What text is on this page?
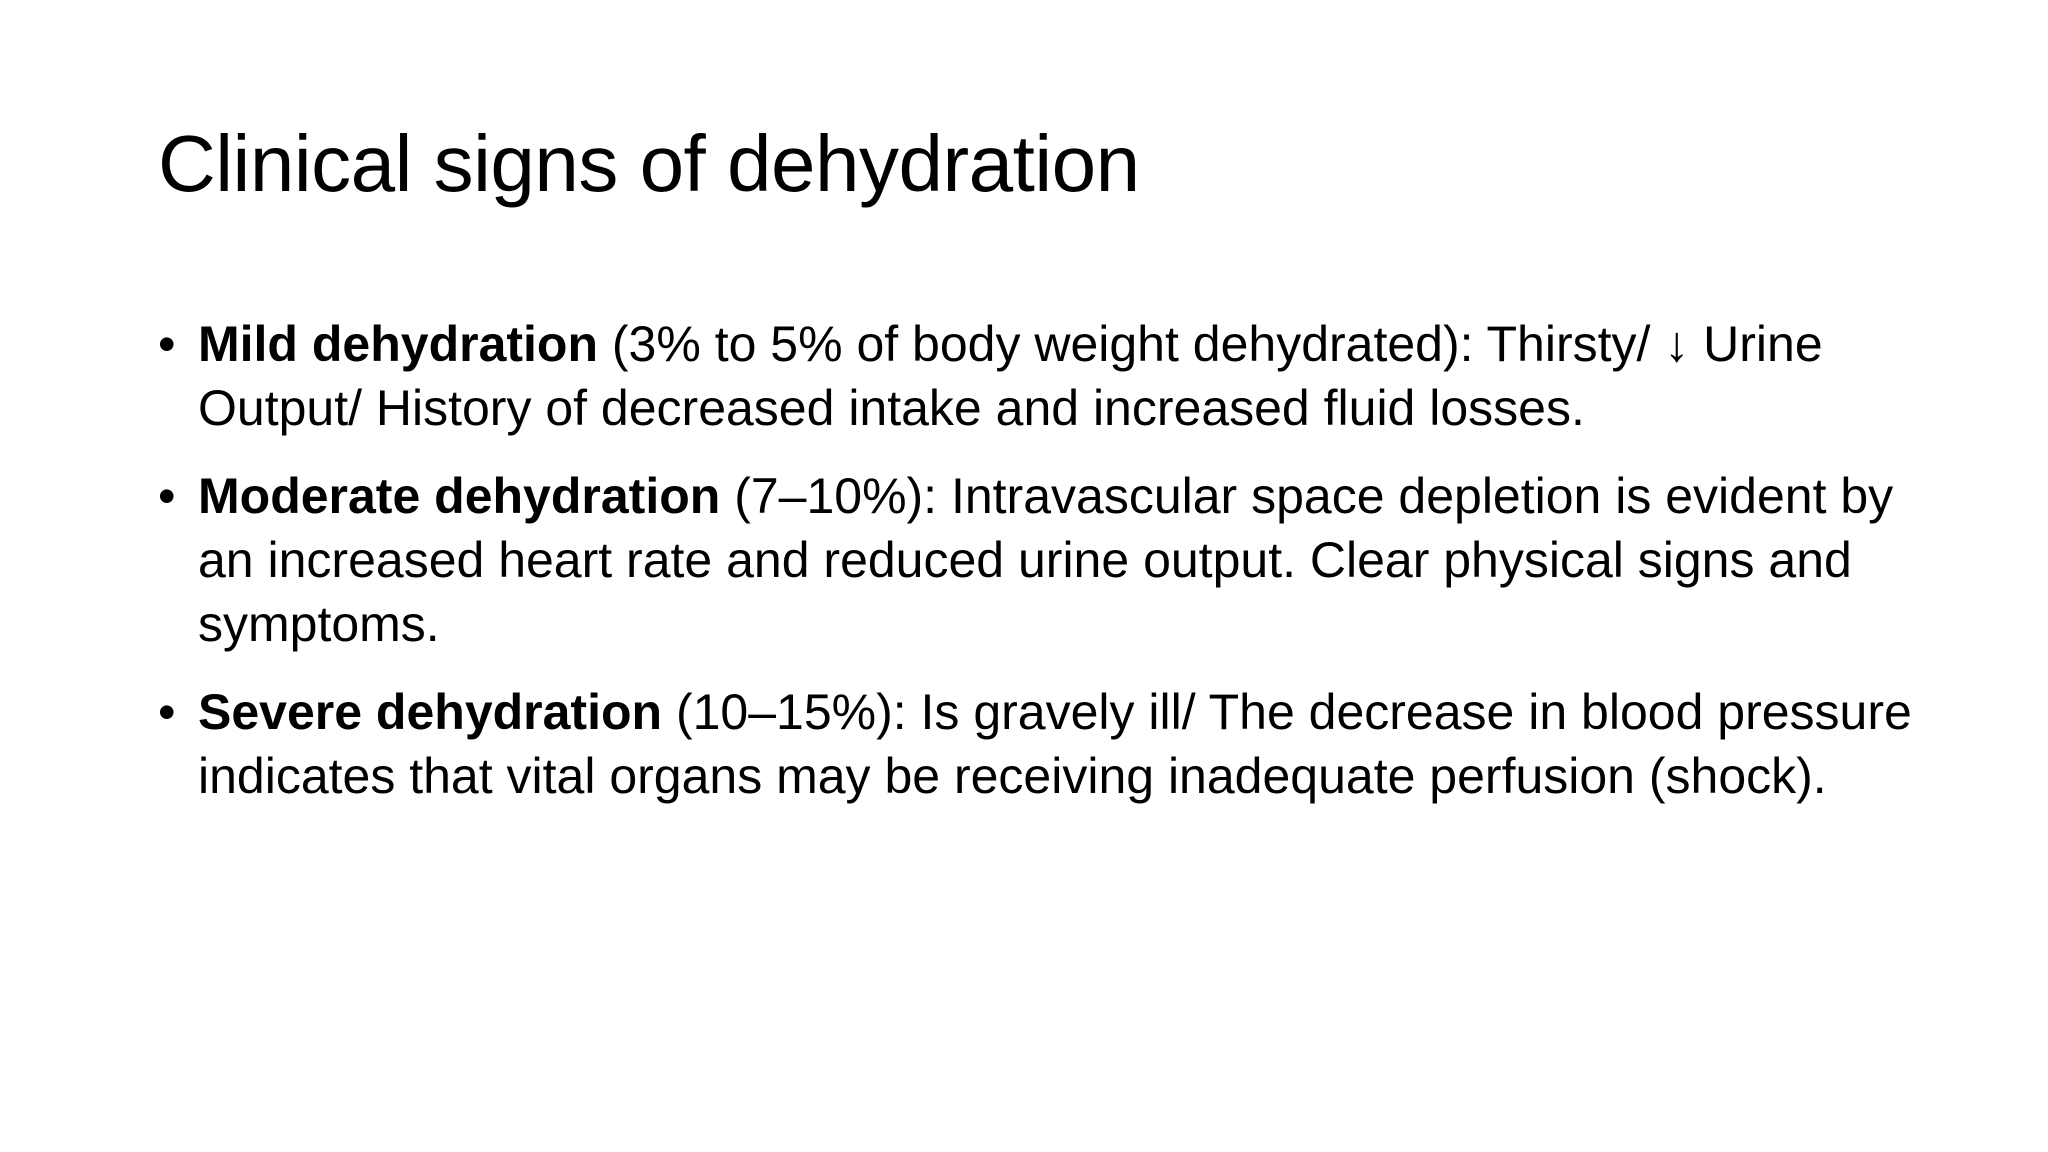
Clinical signs of dehydration
• Mild dehydration (3% to 5% of body weight dehydrated): Thirsty/ ↓ Urine Output/ History of decreased intake and increased fluid losses.
• Moderate dehydration (7–10%): Intravascular space depletion is evident by an increased heart rate and reduced urine output. Clear physical signs and symptoms.
• Severe dehydration (10–15%): Is gravely ill/ The decrease in blood pressure indicates that vital organs may be receiving inadequate perfusion (shock).
